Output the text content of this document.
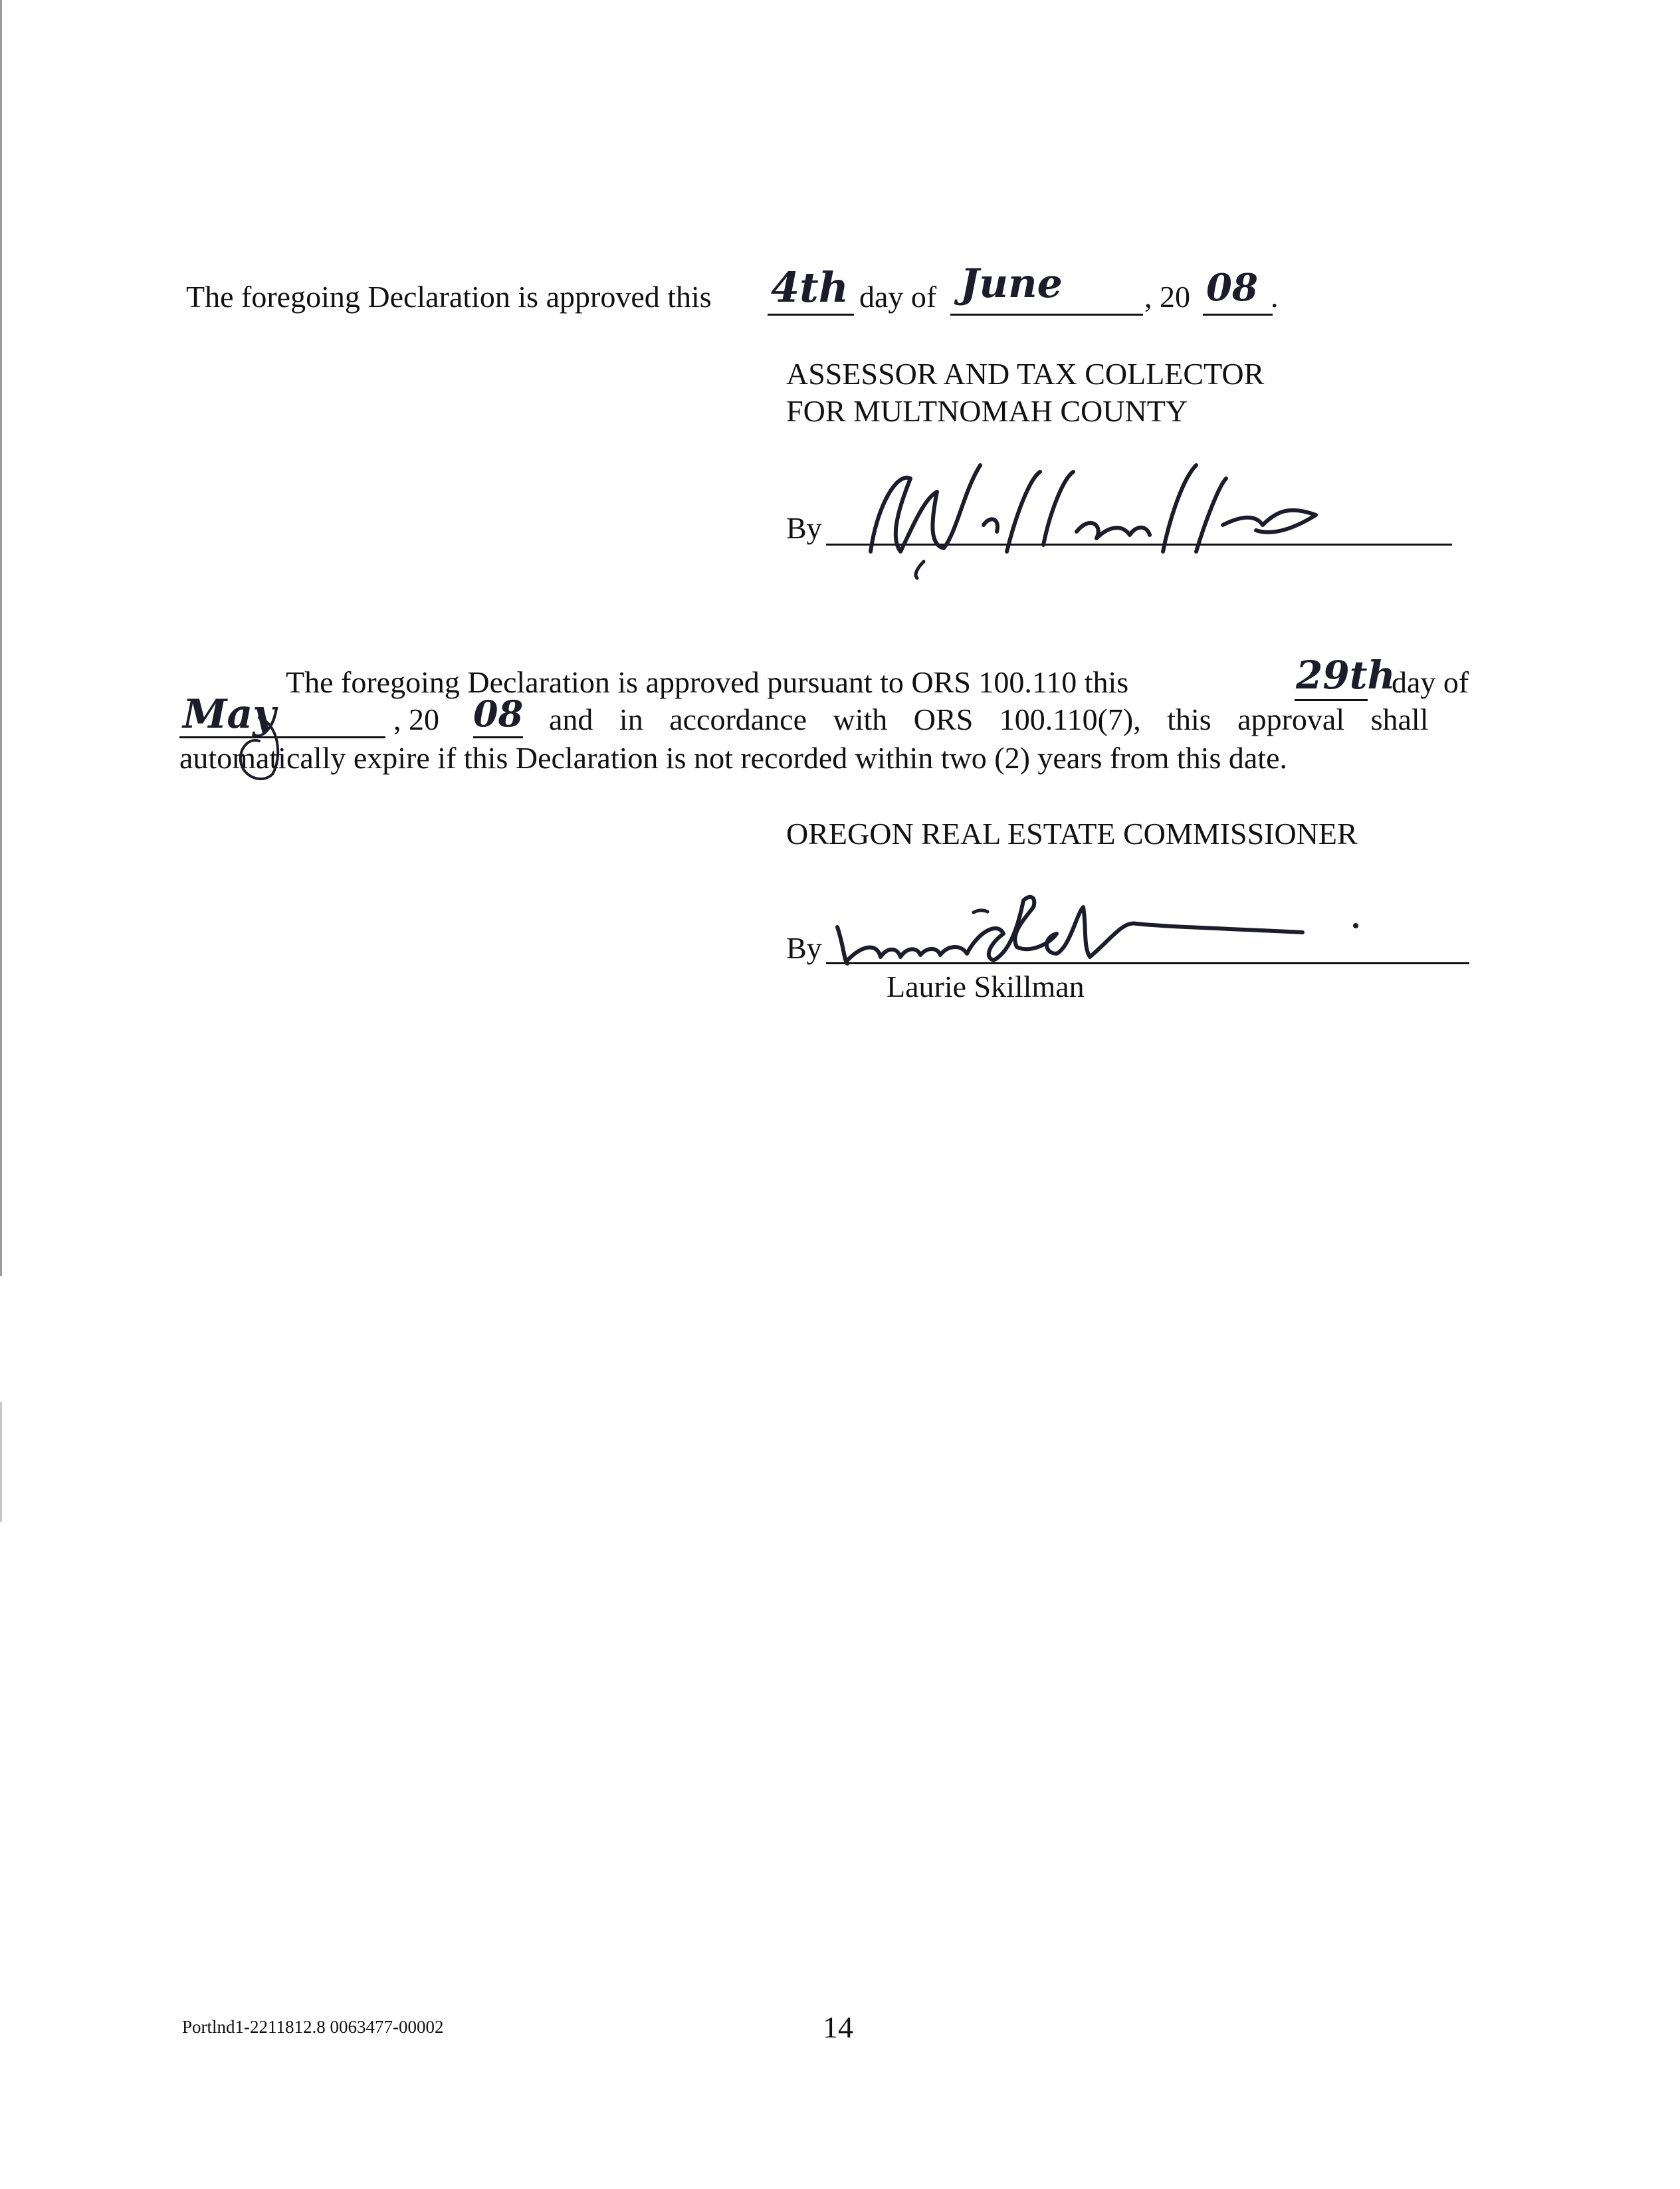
The foregoing Declaration is approved this 4th day of June	, 20 08 .
ASSESSOR AND TAX COLLECTOR
FOR MULTNOMAH COUNTY
By
The foregoing Declaration is approved pursuant to ORS 100.110 this	29th
day of
May	, 20 08 and in accordance with ORS 100.110(7), this approval shall
automatically expire if this Declaration is not recorded within two (2) years from this date.
OREGON REAL ESTATE COMMISSIONER
By
Laurie Skillman
Portlnd1-2211812.8 0063477-00002	14
